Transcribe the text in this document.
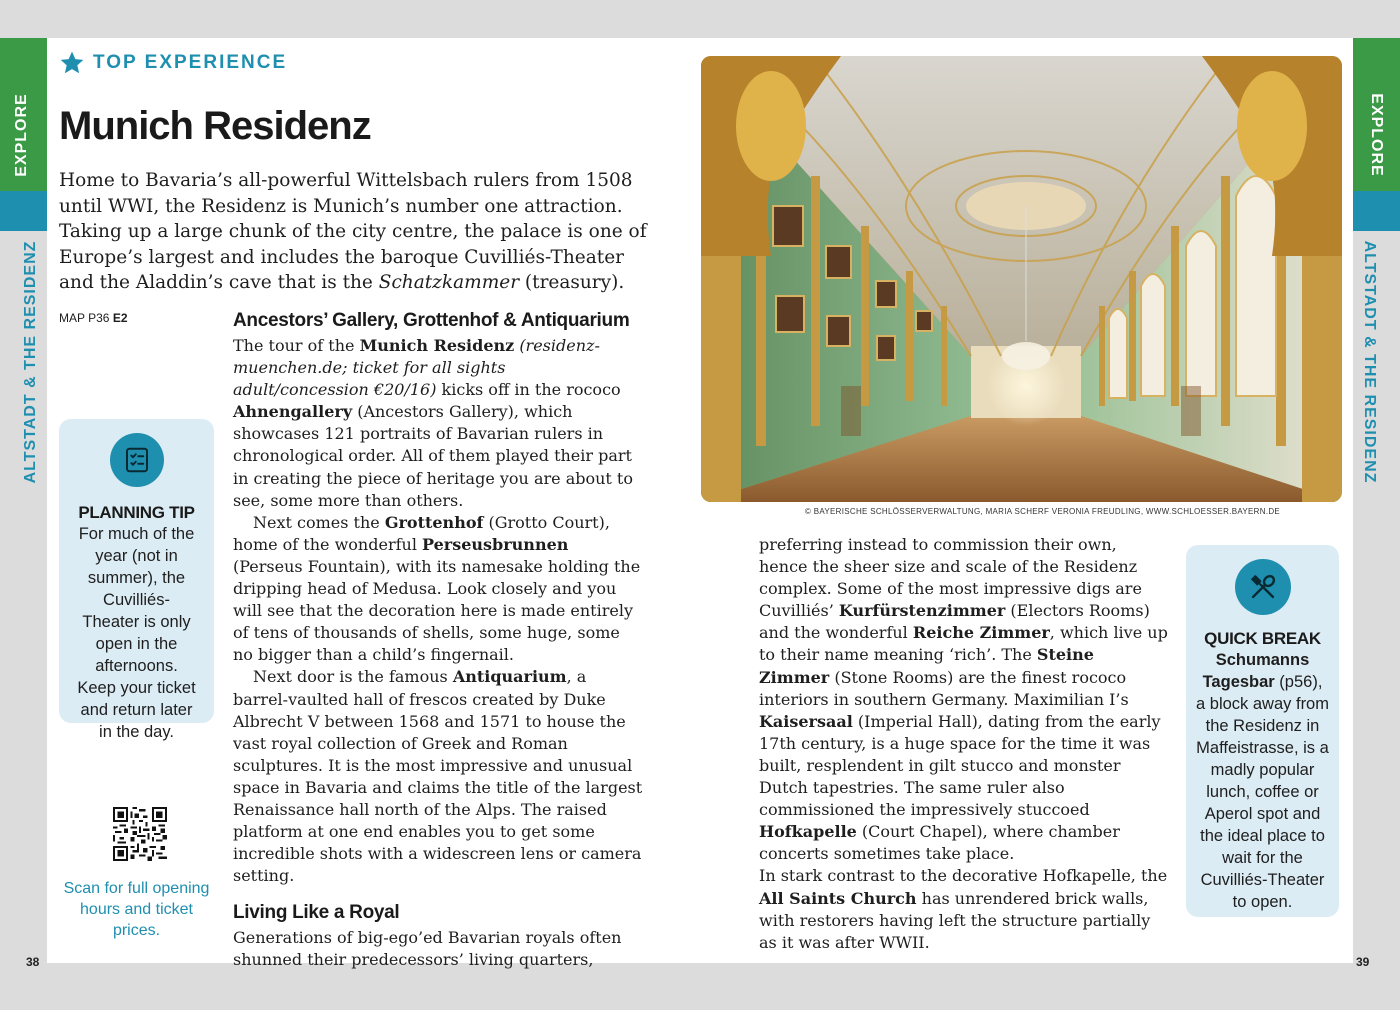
EXPLORE	EXPLORE
ALTSTADT & THE RESIDENZ	ALTSTADT & THE RESIDENZ
38	39
TOP EXPERIENCE
Munich Residenz

Home to Bavaria’s all-powerful Wittelsbach rulers from 1508 until WWI, the Residenz is Munich’s number one attraction. Taking up a large chunk of the city centre, the palace is one of Europe’s largest and includes the baroque Cuvilliés-Theater and the Aladdin’s cave that is the Schatzkammer (treasury).

MAP P36 E2	Ancestors’ Gallery, Grottenhof & Antiquarium

The tour of the Munich Residenz (residenz-muenchen.de; ticket for all sights adult/concession €20/16) kicks off in the rococo Ahnengallery (Ancestors Gallery), which showcases 121 portraits of Bavarian rulers in chronological order. All of them played their part in creating the piece of heritage you are about to see, some more than others.

Next comes the Grottenhof (Grotto Court), home of the wonderful Perseusbrunnen (Perseus Fountain), with its namesake holding the dripping head of Medusa. Look closely and you will see that the decoration here is made entirely of tens of thousands of shells, some huge, some no bigger than a child’s fingernail.

Next door is the famous Antiquarium, a barrel-vaulted hall of frescos created by Duke Albrecht V between 1568 and 1571 to house the vast royal collection of Greek and Roman sculptures. It is the most impressive and unusual space in Bavaria and claims the title of the largest Renaissance hall north of the Alps. The raised platform at one end enables you to get some incredible shots with a widescreen lens or camera setting.

Living Like a Royal

Generations of big-ego’ed Bavarian royals often shunned their predecessors’ living quarters,

preferring instead to commission their own, hence the sheer size and scale of the Residenz complex. Some of the most impressive digs are Cuvilliés’ Kurfürstenzimmer (Electors Rooms) and the wonderful Reiche Zimmer, which live up to their name meaning ‘rich’. The Steine Zimmer (Stone Rooms) are the finest rococo interiors in southern Germany. Maximilian I’s Kaisersaal (Imperial Hall), dating from the early 17th century, is a huge space for the time it was built, resplendent in gilt stucco and monster Dutch tapestries. The same ruler also commissioned the impressively stuccoed Hofkapelle (Court Chapel), where chamber concerts sometimes take place.

In stark contrast to the decorative Hofkapelle, the All Saints Church has unrendered brick walls, with restorers having left the structure partially as it was after WWII.

PLANNING TIP
For much of the year (not in summer), the Cuvilliés-Theater is only open in the afternoons. Keep your ticket and return later in the day.
Scan for full opening hours and ticket prices.
© BAYERISCHE SCHLÖSSERVERWALTUNG, MARIA SCHERF VERONIA FREUDLING, WWW.SCHLOESSER.BAYERN.DE
QUICK BREAK
Schumanns Tagesbar (p56), a block away from the Residenz in Maffeistrasse, is a madly popular lunch, coffee or Aperol spot and the ideal place to wait for the Cuvilliés-Theater to open.
